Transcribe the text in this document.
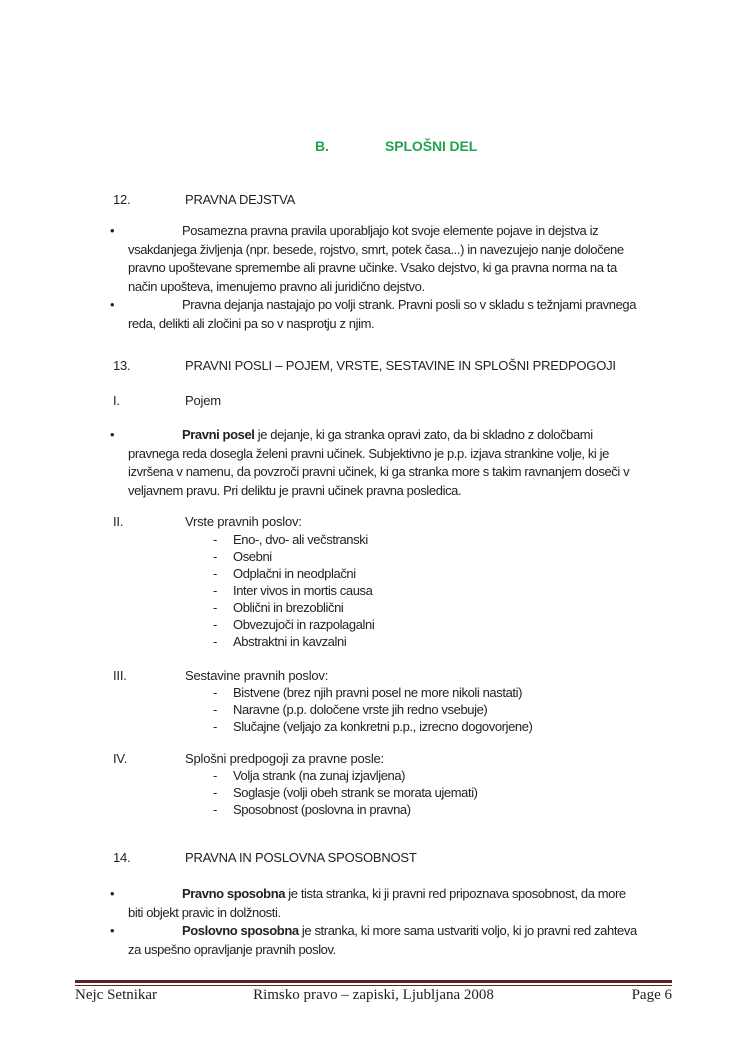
B.	SPLOŠNI DEL
12.	PRAVNA DEJSTVA
•	Posamezna pravna pravila uporabljajo kot svoje elemente pojave in dejstva iz
vsakdanjega življenja (npr. besede, rojstvo, smrt, potek časa...) in navezujejo nanje določene
pravno upoštevane spremembe ali pravne učinke. Vsako dejstvo, ki ga pravna norma na ta
način upošteva, imenujemo pravno ali juridično dejstvo.
•	Pravna dejanja nastajajo po volji strank. Pravni posli so v skladu s težnjami pravnega
reda, delikti ali zločini pa so v nasprotju z njim.
13.	PRAVNI POSLI – POJEM, VRSTE, SESTAVINE IN SPLOŠNI PREDPOGOJI
I.	Pojem
•	Pravni posel je dejanje, ki ga stranka opravi zato, da bi skladno z določbami
pravnega reda dosegla želeni pravni učinek. Subjektivno je p.p. izjava strankine volje, ki je
izvršena v namenu, da povzroči pravni učinek, ki ga stranka more s takim ravnanjem doseči v
veljavnem pravu. Pri deliktu je pravni učinek pravna posledica.
II.	Vrste pravnih poslov:
- Eno-, dvo- ali večstranski
- Osebni
- Odplačni in neodplačni
- Inter vivos in mortis causa
- Oblični in brezoblični
- Obvezujoči in razpolagalni
- Abstraktni in kavzalni
III.	Sestavine pravnih poslov:
- Bistvene (brez njih pravni posel ne more nikoli nastati)
- Naravne (p.p. določene vrste jih redno vsebuje)
- Slučajne (veljajo za konkretni p.p., izrecno dogovorjene)
IV.	Splošni predpogoji za pravne posle:
- Volja strank (na zunaj izjavljena)
- Soglasje (volji obeh strank se morata ujemati)
- Sposobnost (poslovna in pravna)
14.	PRAVNA IN POSLOVNA SPOSOBNOST
•	Pravno sposobna je tista stranka, ki ji pravni red pripoznava sposobnost, da more
biti objekt pravic in dolžnosti.
•	Poslovno sposobna je stranka, ki more sama ustvariti voljo, ki jo pravni red zahteva
za uspešno opravljanje pravnih poslov.
Nejc Setnikar	Rimsko pravo – zapiski, Ljubljana 2008	Page 6
